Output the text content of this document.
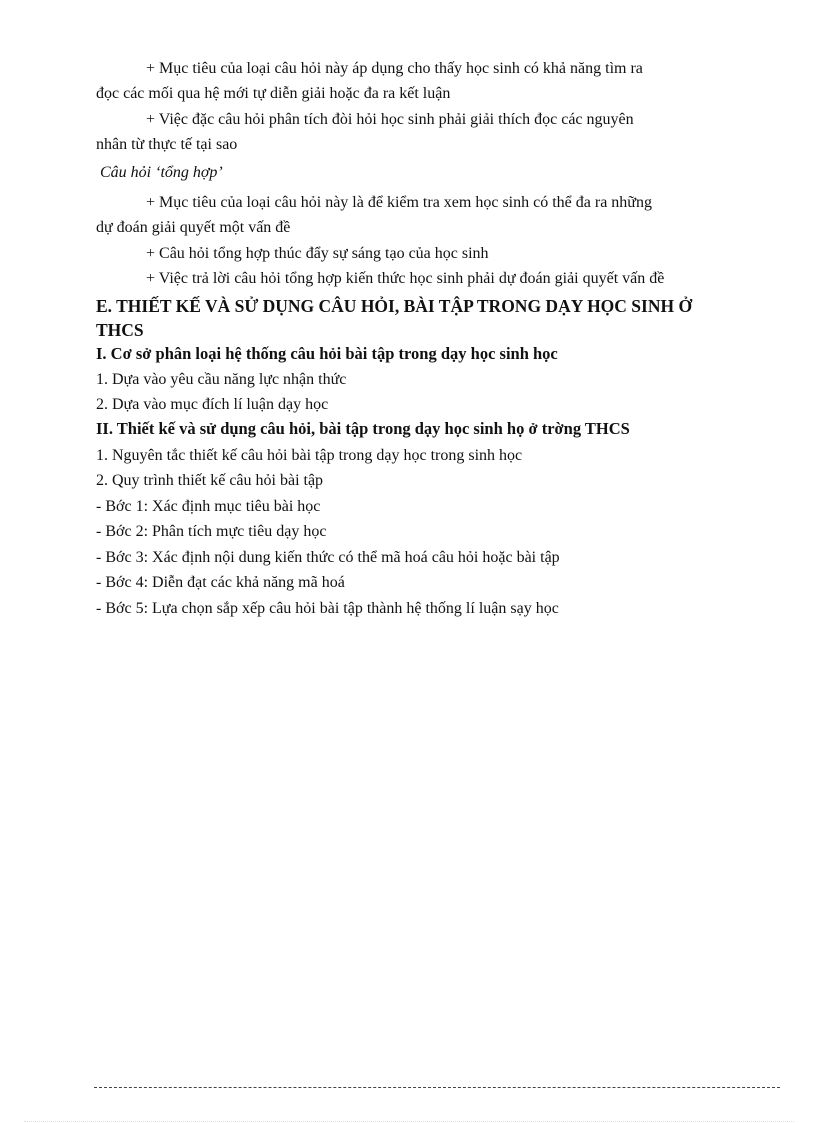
+ Mục tiêu của loại câu hỏi này áp dụng cho thấy học sinh có khả năng tìm ra
đọc các mối qua hệ mới tự diễn giải hoặc đa ra kết luận
+ Việc đặc câu hỏi phân tích đòi hỏi học sinh phải giải thích đọc các nguyên
nhân từ thực tế tại sao
Câu hỏi ‘tổng hợp’
+ Mục tiêu của loại câu hỏi này là để kiểm tra xem học sinh có thể đa ra những
dự đoán giải quyết một vấn đề
+ Câu hỏi tổng hợp thúc đẩy sự sáng tạo của học sinh
+ Việc trả lời câu hỏi tổng hợp kiến thức học sinh phải dự đoán giải quyết vấn đề
E. THIẾT KẾ VÀ SỬ DỤNG CÂU HỎI, BÀI TẬP TRONG DẠY HỌC SINH Ở
THCS
I. Cơ sở phân loại hệ thống câu hỏi bài tập trong dạy học sinh học
1. Dựa vào yêu cầu năng lực nhận thức
2. Dựa vào mục đích lí luận dạy học
II. Thiết kế và sử dụng câu hỏi, bài tập trong dạy học sinh họ ở trờng THCS
1. Nguyên tắc thiết kế câu hỏi bài tập trong dạy học trong sinh học
2. Quy trình thiết kế câu hỏi bài tập
- Bớc 1: Xác định mục tiêu bài học
- Bớc 2: Phân tích mực tiêu dạy học
- Bớc 3: Xác định nội dung kiến thức có thể mã hoá câu hỏi hoặc bài tập
- Bớc 4: Diễn đạt các khả năng mã hoá
- Bớc 5: Lựa chọn sắp xếp câu hỏi bài tập thành hệ thống lí luận sạy học
